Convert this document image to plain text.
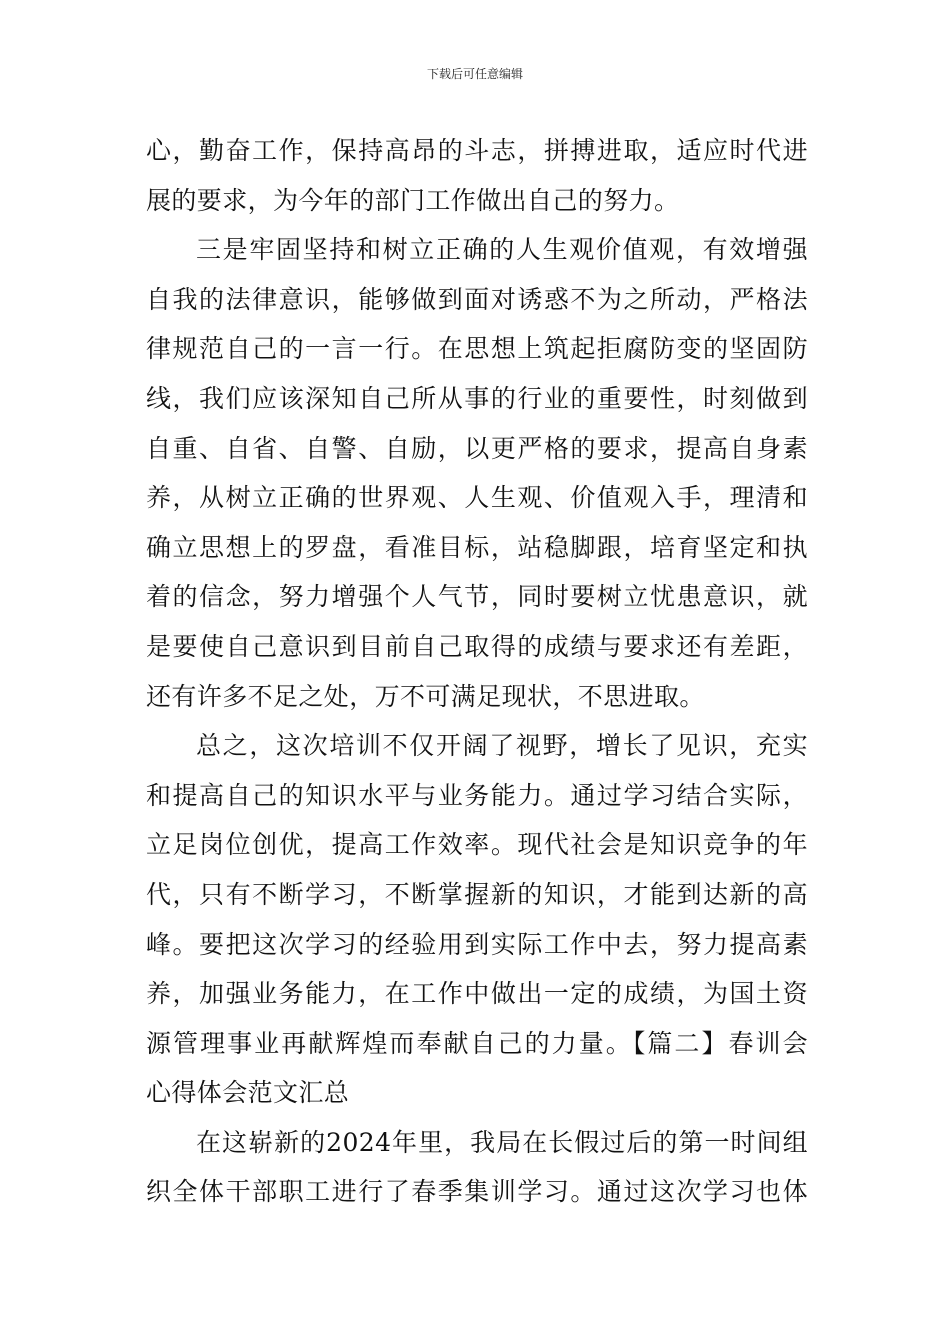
下载后可任意编辑
心，勤奋工作，保持高昂的斗志，拼搏进取，适应时代进
展的要求，为今年的部门工作做出自己的努力。
三是牢固坚持和树立正确的人生观价值观，有效增强
自我的法律意识，能够做到面对诱惑不为之所动，严格法
律规范自己的一言一行。在思想上筑起拒腐防变的坚固防
线，我们应该深知自己所从事的行业的重要性，时刻做到
自重、自省、自警、自励，以更严格的要求，提高自身素
养，从树立正确的世界观、人生观、价值观入手，理清和
确立思想上的罗盘，看准目标，站稳脚跟，培育坚定和执
着的信念，努力增强个人气节，同时要树立忧患意识，就
是要使自己意识到目前自己取得的成绩与要求还有差距，
还有许多不足之处，万不可满足现状，不思进取。
总之，这次培训不仅开阔了视野，增长了见识，充实
和提高自己的知识水平与业务能力。通过学习结合实际，
立足岗位创优，提高工作效率。现代社会是知识竞争的年
代，只有不断学习，不断掌握新的知识，才能到达新的高
峰。要把这次学习的经验用到实际工作中去，努力提高素
养，加强业务能力，在工作中做出一定的成绩，为国土资
源管理事业再献辉煌而奉献自己的力量。【篇二】春训会
心得体会范文汇总
在这崭新的2024年里，我局在长假过后的第一时间组
织全体干部职工进行了春季集训学习。通过这次学习也体
